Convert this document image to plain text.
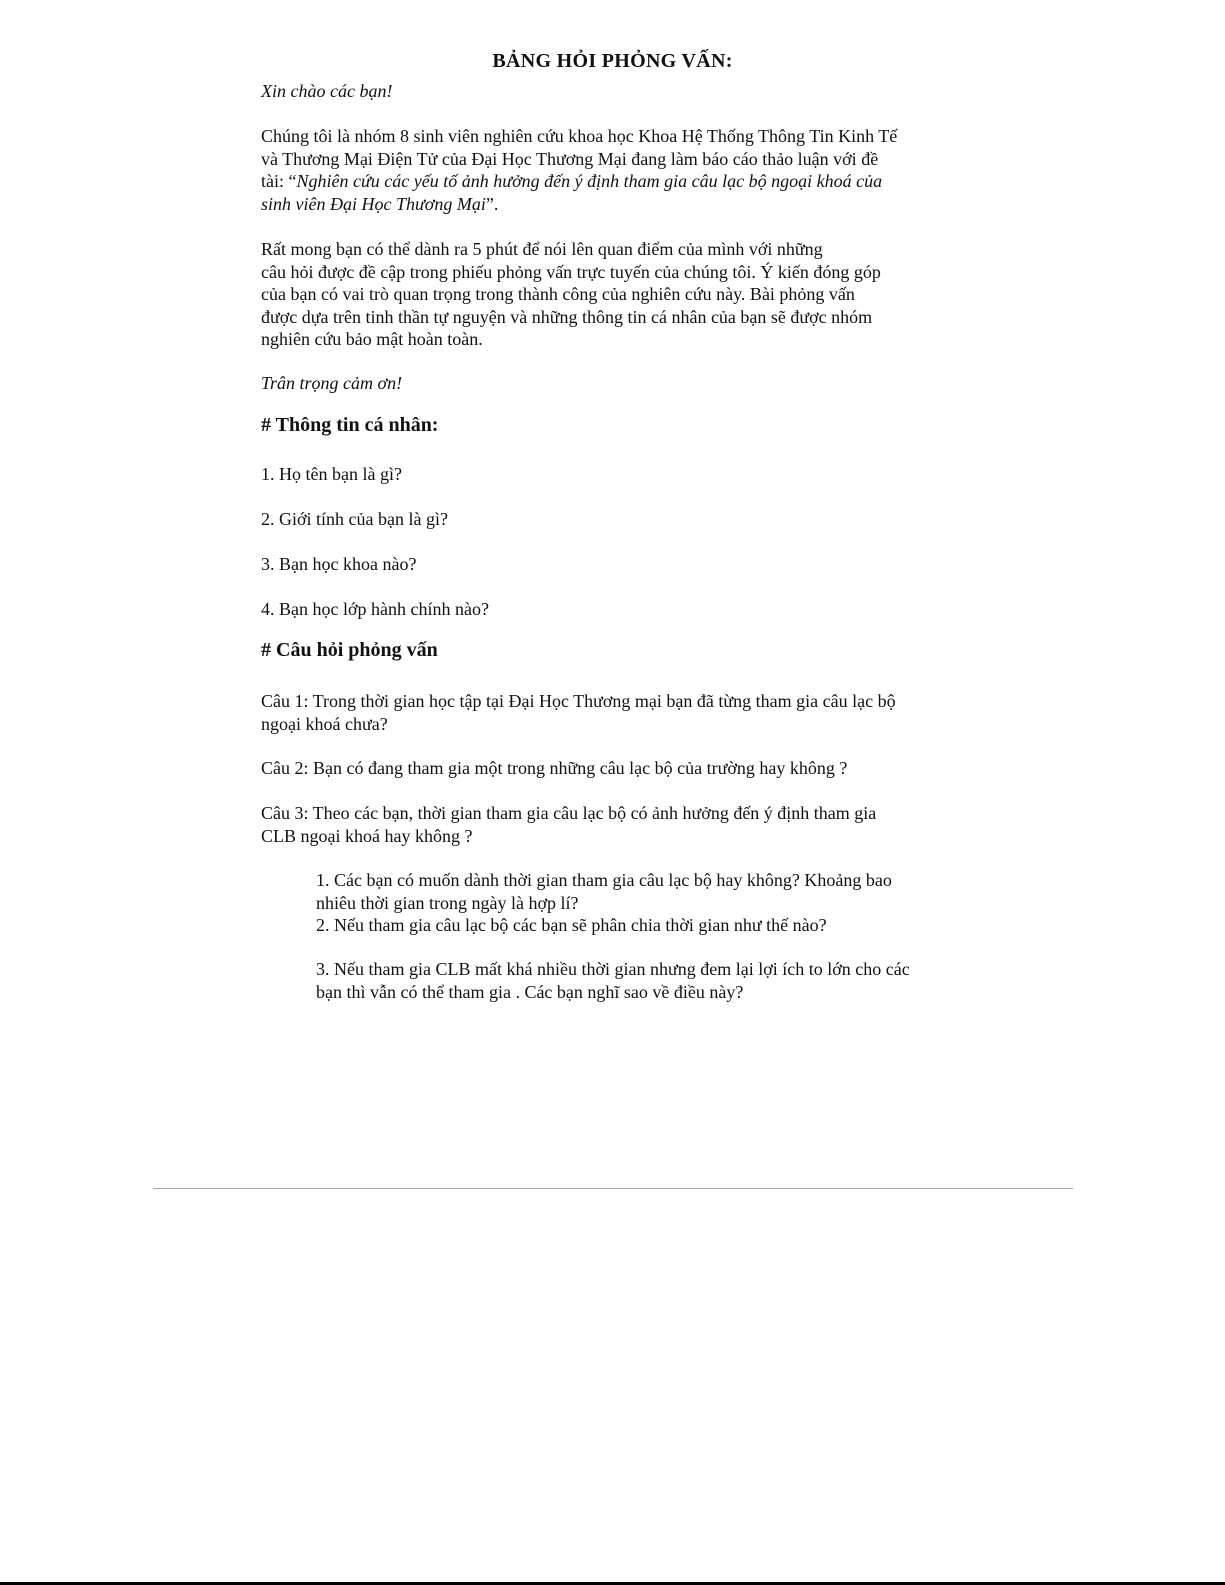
BẢNG HỎI PHỎNG VẤN:
Xin chào các bạn!
Chúng tôi là nhóm 8 sinh viên nghiên cứu khoa học Khoa Hệ Thống Thông Tin Kinh Tế
và Thương Mại Điện Tử của Đại Học Thương Mại đang làm báo cáo thảo luận với đề
tài: “Nghiên cứu các yếu tố ảnh hưởng đến ý định tham gia câu lạc bộ ngoại khoá của
sinh viên Đại Học Thương Mại”.
Rất mong bạn có thể dành ra 5 phút để nói lên quan điểm của mình với những
câu hỏi được đề cập trong phiếu phỏng vấn trực tuyến của chúng tôi. Ý kiến đóng góp
của bạn có vai trò quan trọng trong thành công của nghiên cứu này. Bài phỏng vấn
được dựa trên tinh thần tự nguyện và những thông tin cá nhân của bạn sẽ được nhóm
nghiên cứu bảo mật hoàn toàn.
Trân trọng cảm ơn!
# Thông tin cá nhân:
1. Họ tên bạn là gì?
2. Giới tính của bạn là gì?
3. Bạn học khoa nào?
4. Bạn học lớp hành chính nào?
# Câu hỏi phỏng vấn
Câu 1: Trong thời gian học tập tại Đại Học Thương mại bạn đã từng tham gia câu lạc bộ
ngoại khoá chưa?
Câu 2: Bạn có đang tham gia một trong những câu lạc bộ của trường hay không ?
Câu 3: Theo các bạn, thời gian tham gia câu lạc bộ có ảnh hưởng đến ý định tham gia
CLB ngoại khoá hay không ?
1. Các bạn có muốn dành thời gian tham gia câu lạc bộ hay không? Khoảng bao
nhiêu thời gian trong ngày là hợp lí?
2. Nếu tham gia câu lạc bộ các bạn sẽ phân chia thời gian như thế nào?
3. Nếu tham gia CLB mất khá nhiều thời gian nhưng đem lại lợi ích to lớn cho các
bạn thì vẫn có thể tham gia . Các bạn nghĩ sao về điều này?
